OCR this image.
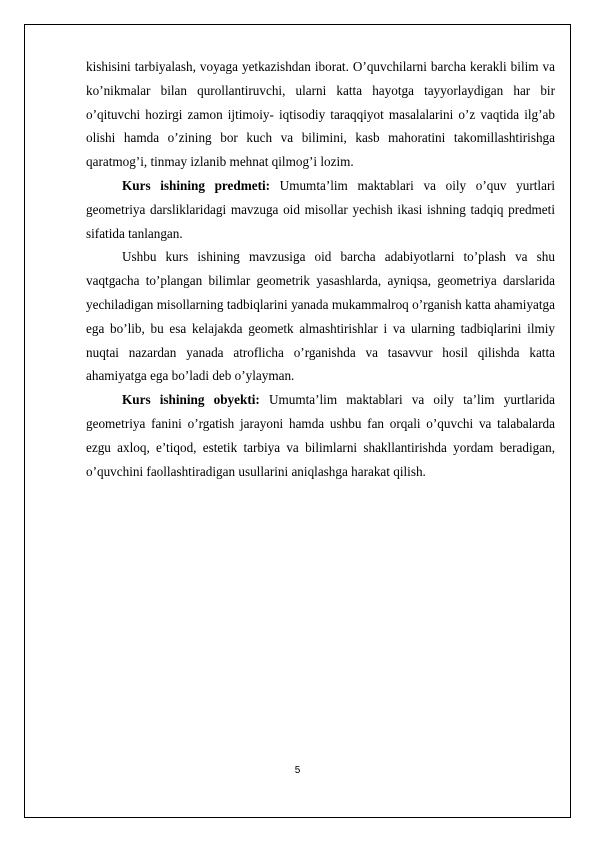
kishisini tarbiyalash, voyaga yetkazishdan iborat. O’quvchilarni barcha kerakli bilim va ko’nikmalar bilan qurollantiruvchi, ularni katta hayotga tayyorlaydigan har bir o’qituvchi hozirgi zamon ijtimoiy- iqtisodiy taraqqiyot masalalarini o’z vaqtida ilg’ab olishi hamda o’zining bor kuch va bilimini, kasb mahoratini takomillashtirishga qaratmog’i, tinmay izlanib mehnat qilmog’i lozim.

Kurs ishining predmeti: Umumta’lim maktablari va oily o’quv yurtlari geometriya darsliklaridagi mavzuga oid misollar yechish ikasi ishning tadqiq predmeti sifatida tanlangan.

Ushbu kurs ishining mavzusiga oid barcha adabiyotlarni to’plash va shu vaqtgacha to’plangan bilimlar geometrik yasashlarda, ayniqsa, geometriya darslarida yechiladigan misollarning tadbiqlarini yanada mukammalroq o’rganish katta ahamiyatga ega bo’lib, bu esa kelajakda geometk almashtirishlar i va ularning tadbiqlarini ilmiy nuqtai nazardan yanada atroflicha o’rganishda va tasavvur hosil qilishda katta ahamiyatga ega bo’ladi deb o’ylayman.

Kurs ishining obyekti: Umumta’lim maktablari va oily ta’lim yurtlarida geometriya fanini o’rgatish jarayoni hamda ushbu fan orqali o’quvchi va talabalarda ezgu axloq, e’tiqod, estetik tarbiya va bilimlarni shakllantirishda yordam beradigan, o’quvchini faollashtiradigan usullarini aniqlashga harakat qilish.

5
